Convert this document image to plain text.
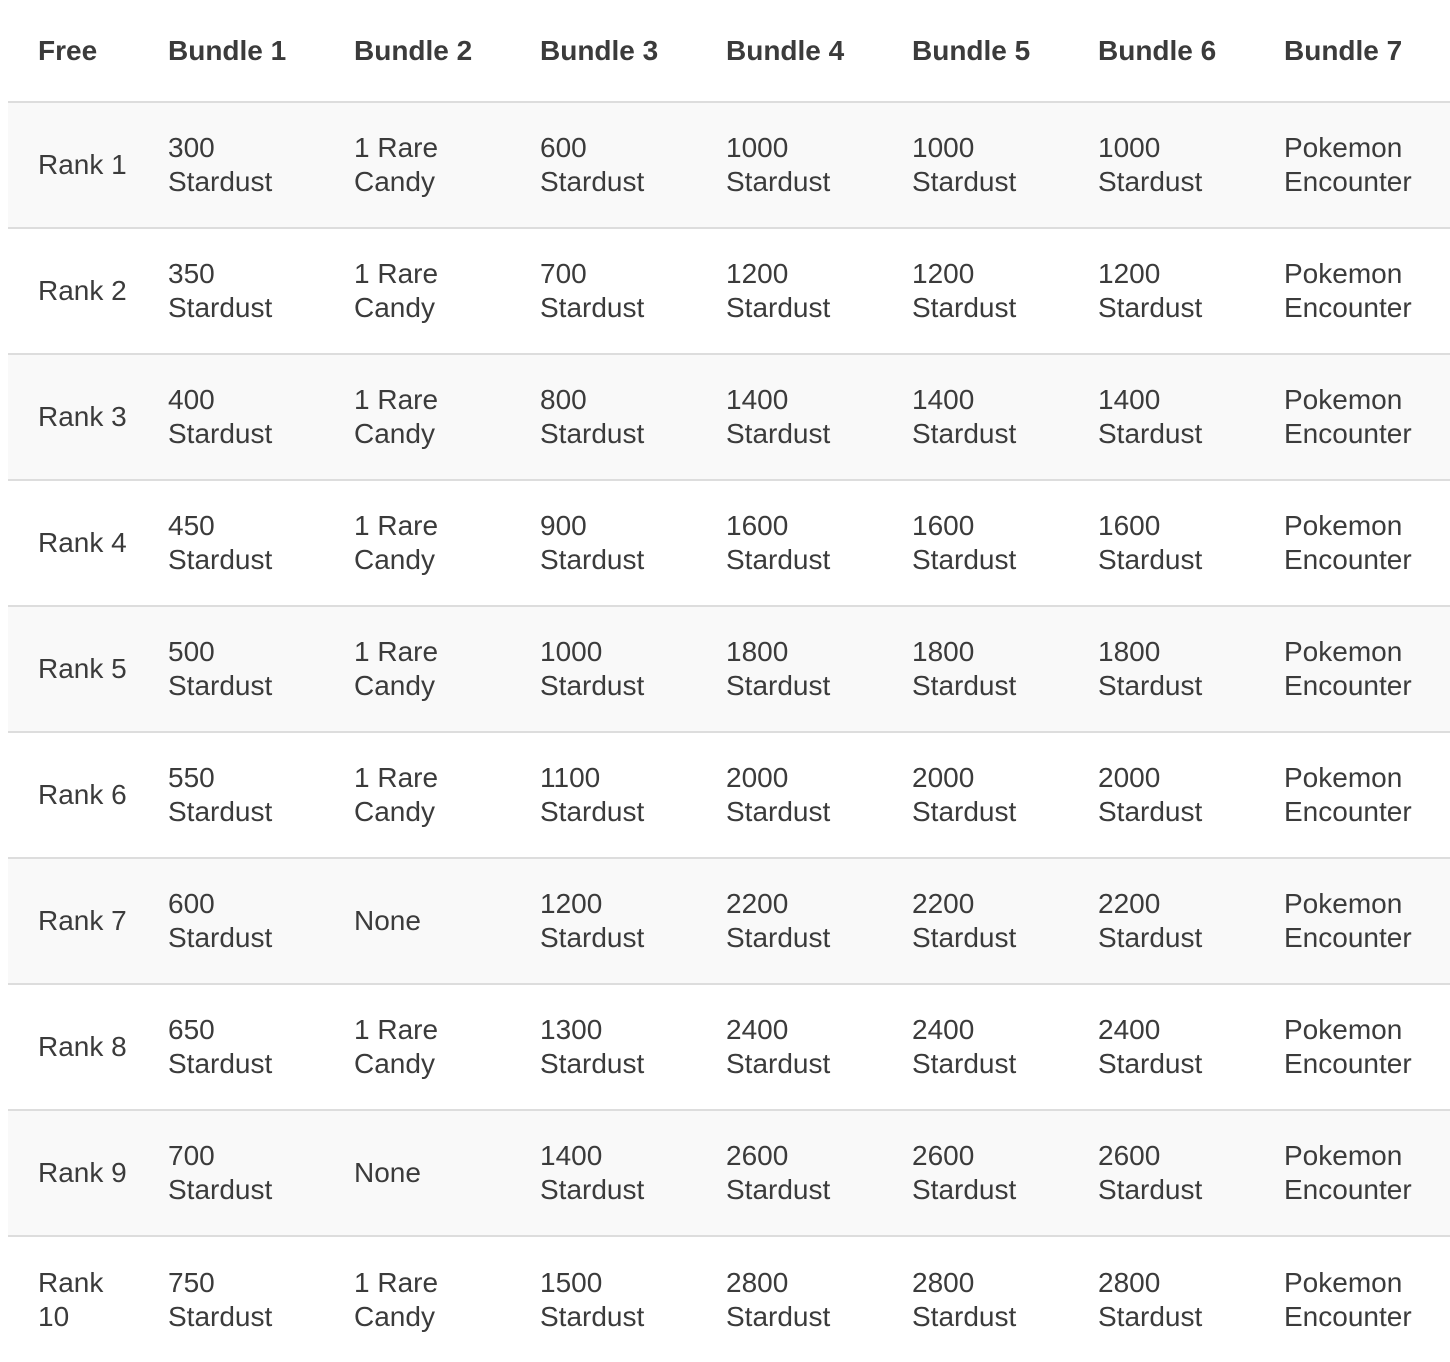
Free	Bundle 1	Bundle 2	Bundle 3	Bundle 4	Bundle 5	Bundle 6	Bundle 7
Rank 1	300 Stardust	1 Rare Candy	600 Stardust	1000 Stardust	1000 Stardust	1000 Stardust	Pokemon Encounter
Rank 2	350 Stardust	1 Rare Candy	700 Stardust	1200 Stardust	1200 Stardust	1200 Stardust	Pokemon Encounter
Rank 3	400 Stardust	1 Rare Candy	800 Stardust	1400 Stardust	1400 Stardust	1400 Stardust	Pokemon Encounter
Rank 4	450 Stardust	1 Rare Candy	900 Stardust	1600 Stardust	1600 Stardust	1600 Stardust	Pokemon Encounter
Rank 5	500 Stardust	1 Rare Candy	1000 Stardust	1800 Stardust	1800 Stardust	1800 Stardust	Pokemon Encounter
Rank 6	550 Stardust	1 Rare Candy	1100 Stardust	2000 Stardust	2000 Stardust	2000 Stardust	Pokemon Encounter
Rank 7	600 Stardust	None	1200 Stardust	2200 Stardust	2200 Stardust	2200 Stardust	Pokemon Encounter
Rank 8	650 Stardust	1 Rare Candy	1300 Stardust	2400 Stardust	2400 Stardust	2400 Stardust	Pokemon Encounter
Rank 9	700 Stardust	None	1400 Stardust	2600 Stardust	2600 Stardust	2600 Stardust	Pokemon Encounter
Rank 10	750 Stardust	1 Rare Candy	1500 Stardust	2800 Stardust	2800 Stardust	2800 Stardust	Pokemon Encounter
